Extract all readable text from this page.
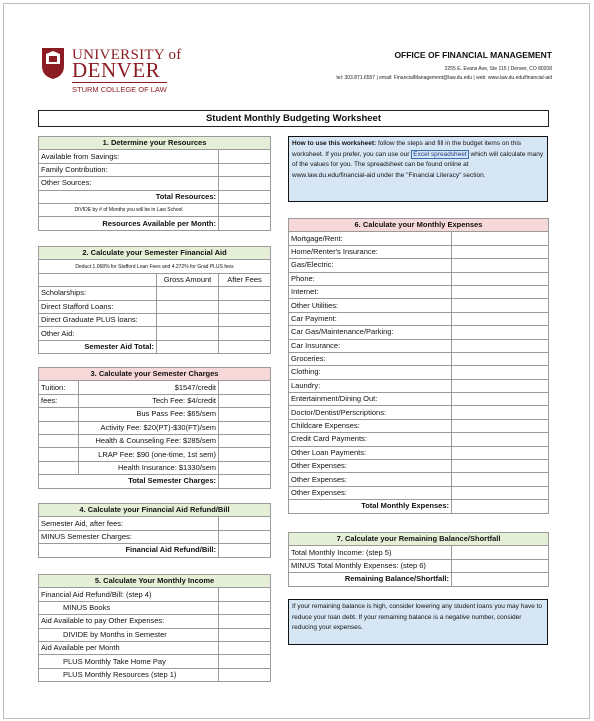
UNIVERSITY of
DENVER
STURM COLLEGE OF LAW
OFFICE OF FINANCIAL MANAGEMENT
2255 E. Evans Ave, Ste 115 | Denver, CO 80208
tel: 303.871.6557 | email: FinancialManagement@law.du.edu | web: www.law.du.edu/financial-aid
Student Monthly Budgeting Worksheet
1. Determine your Resources	
Available from Savings:	
Family Contribution:	
Other Sources:	
Total Resources:	
DIVIDE by # of Months you will be in Law School	
Resources Available per Month:	
2. Calculate your Semester Financial Aid		
Deduct 1.068% for Stafford Loan Fees and 4.272% for Grad PLUS fees		
	Gross Amount	After Fees
Scholarships:		
Direct Stafford Loans:		
Direct Graduate PLUS loans:		
Other Aid:		
Semester Aid Total:		
3. Calculate your Semester Charges		
Tuition:	$1547/credit	
fees:	Tech Fee: $4/credit	
	Bus Pass Fee: $65/sem	
	Activity Fee: $20(PT)-$30(FT)/sem	
	Health & Counseling Fee: $285/sem	
	LRAP Fee: $90 (one-time, 1st sem)	
	Health Insurance: $1330/sem	
Total Semester Charges:		
4. Calculate your Financial Aid Refund/Bill	
Semester Aid, after fees:	
MINUS Semester Charges:	
Financial Aid Refund/Bill:	
5. Calculate Your Monthly Income	
Financial Aid Refund/Bill: (step 4)	
MINUS Books	
Aid Available to pay Other Expenses:	
DIVIDE by Months in Semester	
Aid Available per Month	
PLUS Monthly Take Home Pay	
PLUS Monthly Resources (step 1)	
How to use this worksheet: follow the steps and fill in the budget items on this worksheet. If you prefer, you can use our Excel spreadsheet which will calculate many of the values for you. The spreadsheet can be found online at www.law.du.edu/financial-aid under the "Financial Literacy" section.
6. Calculate your Monthly Expenses	
Mortgage/Rent:	
Home/Renter's Insurance:	
Gas/Electric:	
Phone:	
Internet:	
Other Utilities:	
Car Payment:	
Car Gas/Maintenance/Parking:	
Car Insurance:	
Groceries:	
Clothing:	
Laundry:	
Entertainment/Dining Out:	
Doctor/Dentist/Perscriptions:	
Childcare Expenses:	
Credit Card Payments:	
Other Loan Payments:	
Other Expenses:	
Other Expenses:	
Other Expenses:	
Total Monthly Expenses:	
7. Calculate your Remaining Balance/Shortfall	
Total Monthly Income: (step 5)	
MINUS Total Monthly Expenses: (step 6)	
Remaining Balance/Shortfall:	
If your remaining balance is high, consider lowering any student loans you may have to reduce your loan debt. If your remaining balance is a negative number, consider reducing your expenses.
